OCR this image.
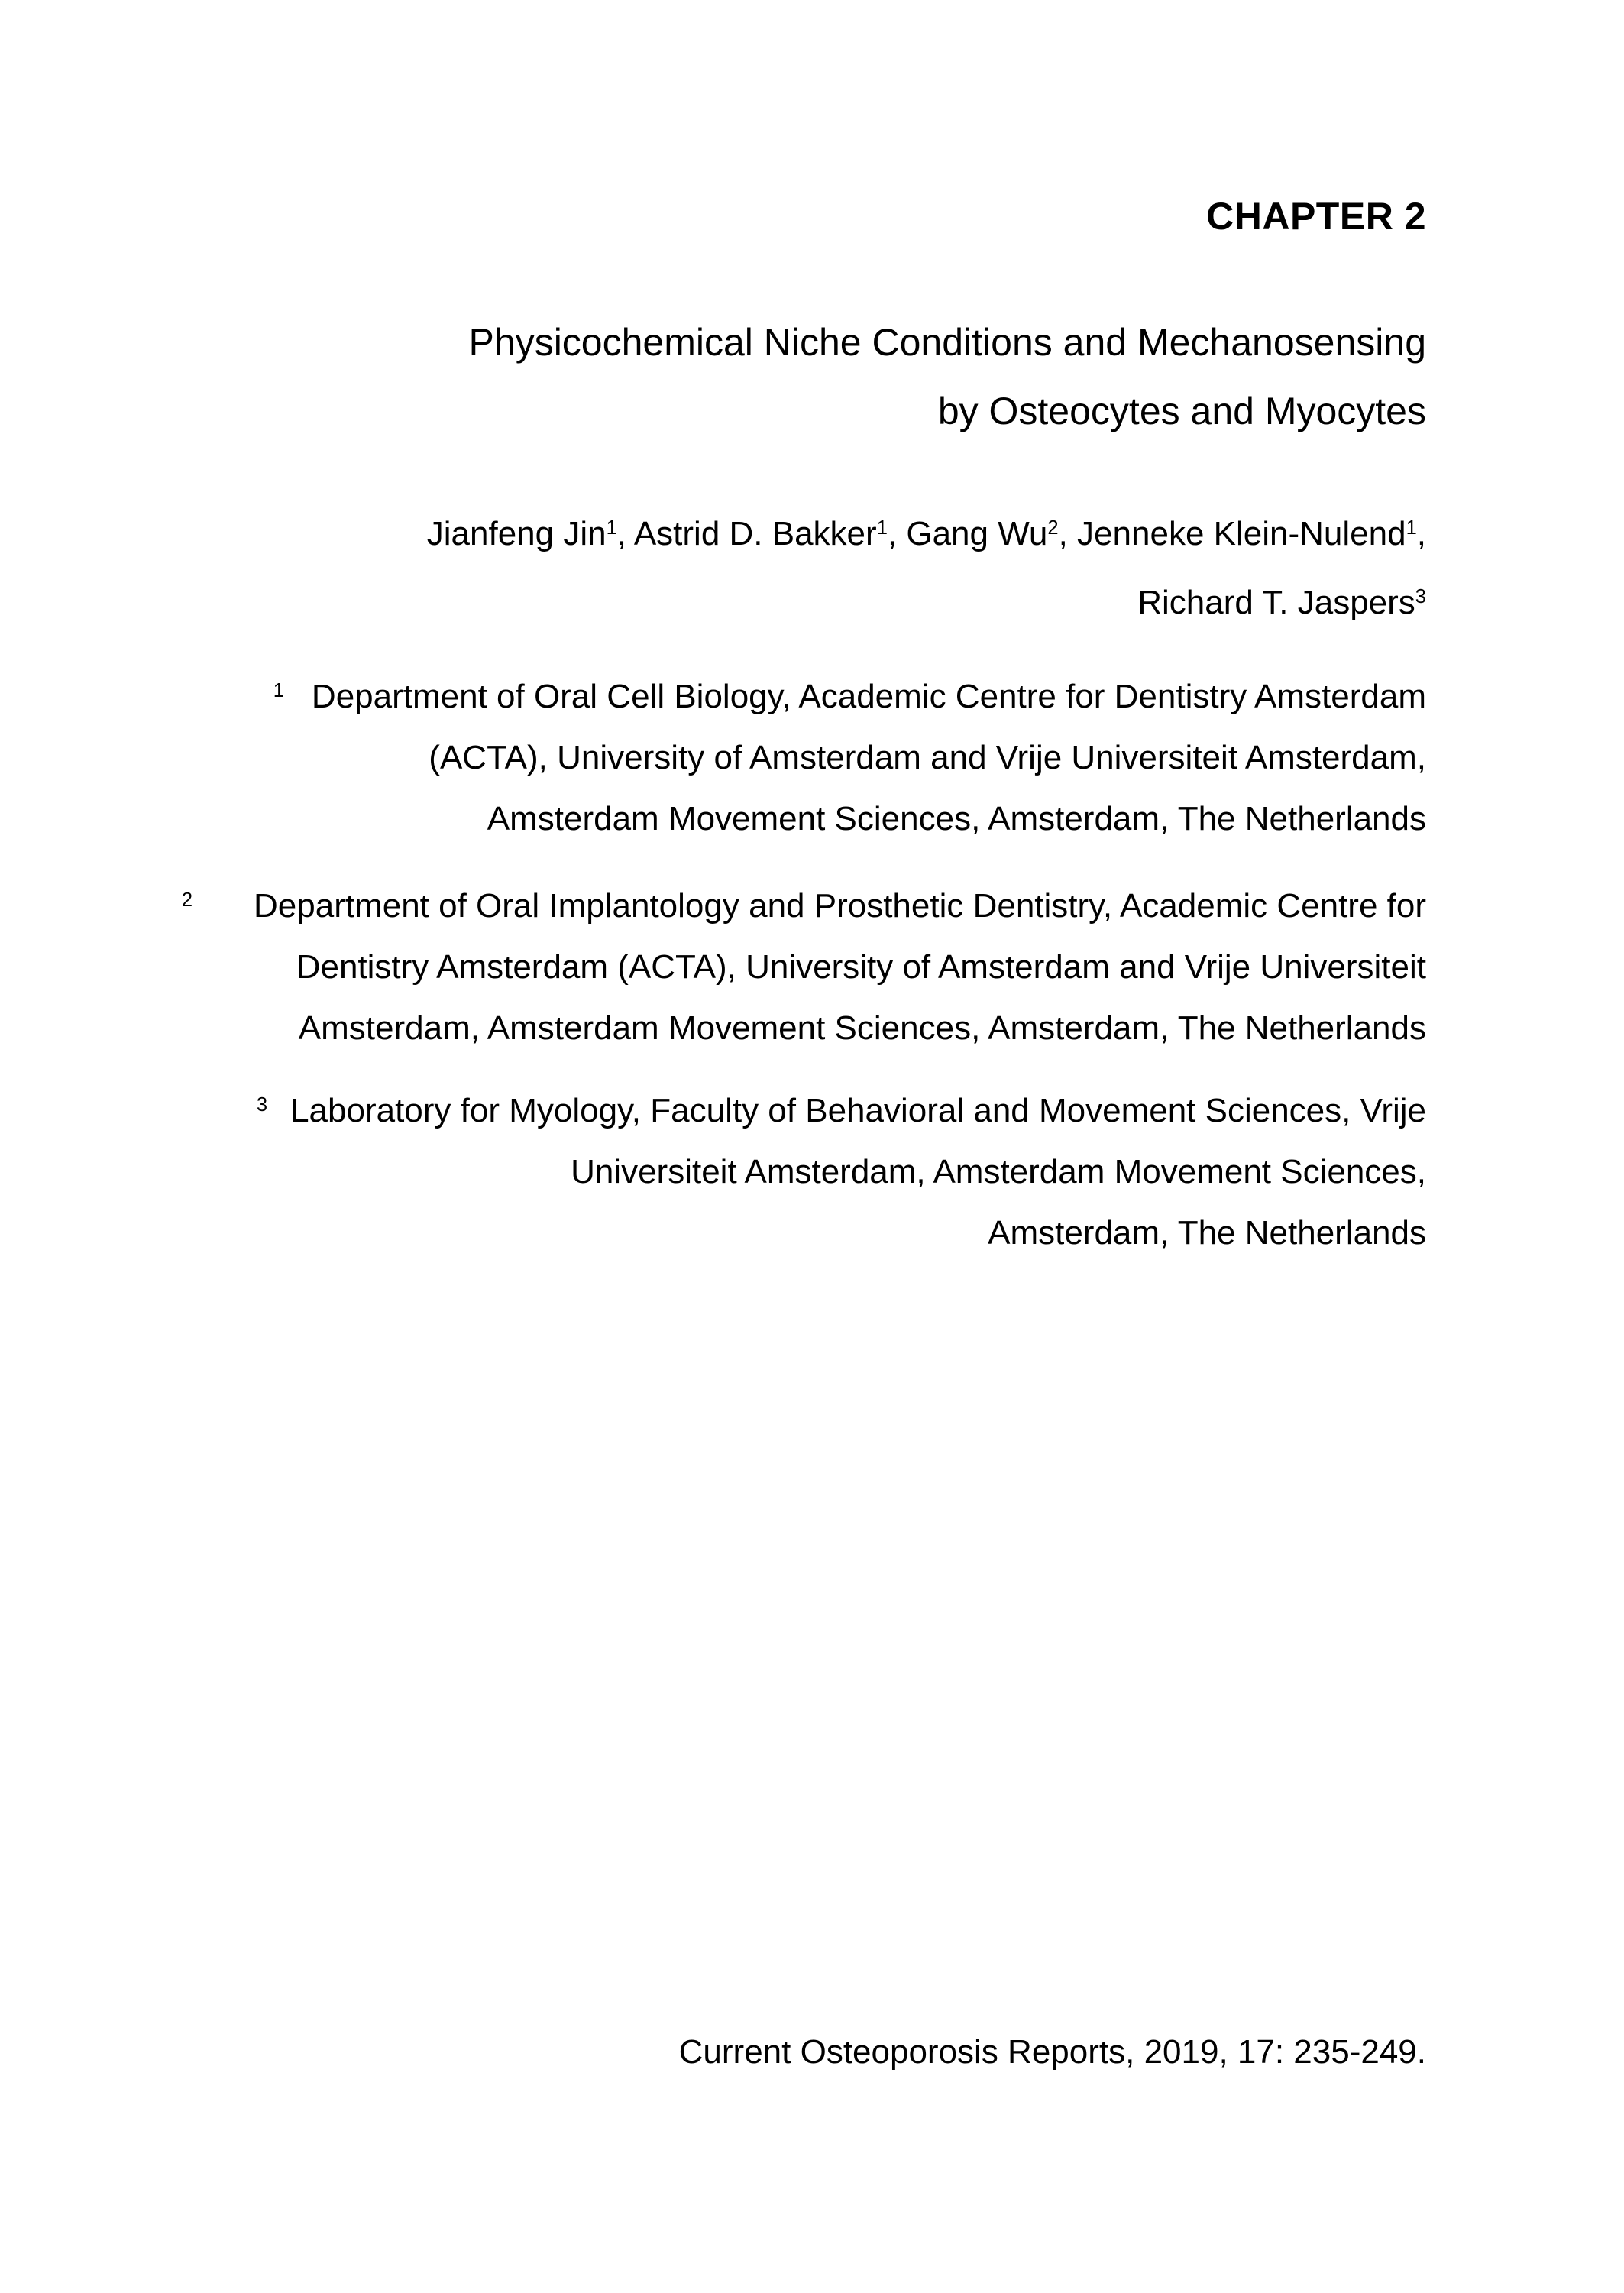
CHAPTER 2
Physicochemical Niche Conditions and Mechanosensing
by Osteocytes and Myocytes
Jianfeng Jin$^1$, Astrid D. Bakker$^1$, Gang Wu$^2$, Jenneke Klein-Nulend$^1$,
Richard T. Jaspers$^3$
$^1$ Department of Oral Cell Biology, Academic Centre for Dentistry Amsterdam
(ACTA), University of Amsterdam and Vrije Universiteit Amsterdam,
Amsterdam Movement Sciences, Amsterdam, The Netherlands
$^2$ Department of Oral Implantology and Prosthetic Dentistry, Academic Centre for
Dentistry Amsterdam (ACTA), University of Amsterdam and Vrije Universiteit
Amsterdam, Amsterdam Movement Sciences, Amsterdam, The Netherlands
$^3$ Laboratory for Myology, Faculty of Behavioral and Movement Sciences, Vrije
Universiteit Amsterdam, Amsterdam Movement Sciences,
Amsterdam, The Netherlands
Current Osteoporosis Reports, 2019, 17: 235-249.
